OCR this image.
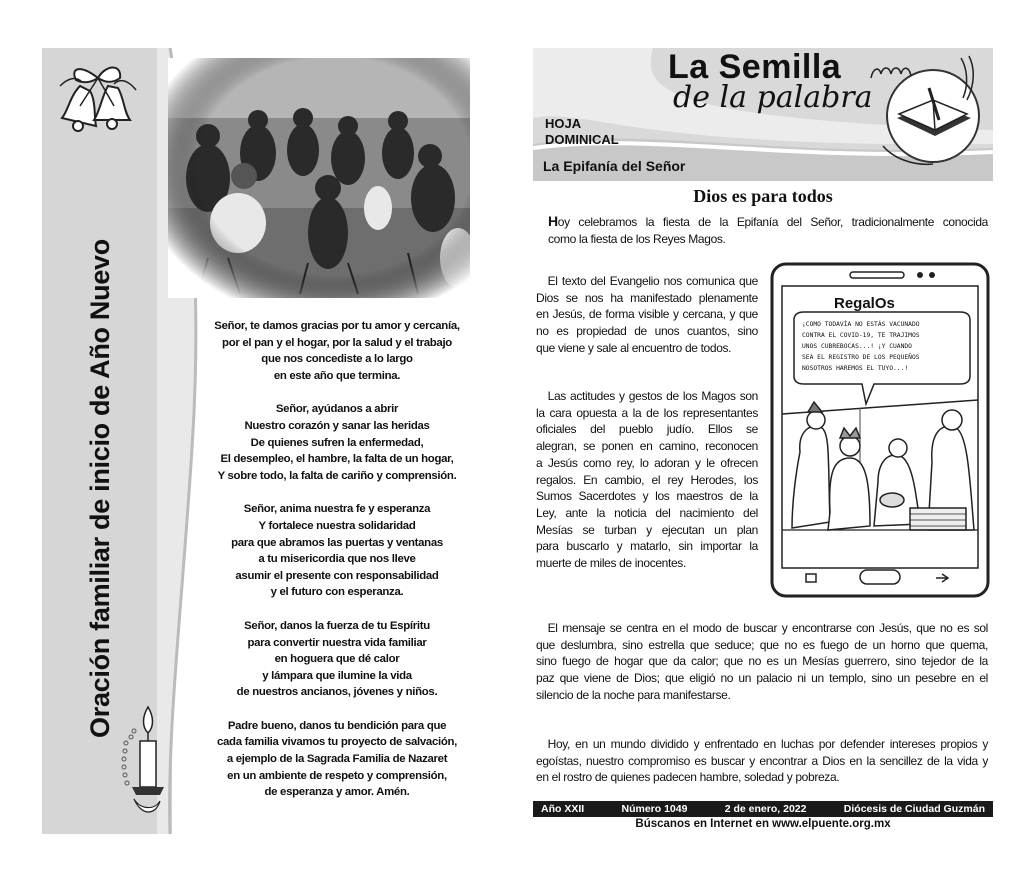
Oración familiar de inicio de Año Nuevo	Señor, te damos gracias por tu amor y cercanía,
por el pan y el hogar, por la salud y el trabajo
que nos concediste a lo largo
en este año que termina.
Señor, ayúdanos a abrir
Nuestro corazón y sanar las heridas
De quienes sufren la enfermedad,
El desempleo, el hambre, la falta de un hogar,
Y sobre todo, la falta de cariño y comprensión.
Señor, anima nuestra fe y esperanza
Y fortalece nuestra solidaridad
para que abramos las puertas y ventanas
a tu misericordia que nos lleve
asumir el presente con responsabilidad
y el futuro con esperanza.
Señor, danos la fuerza de tu Espíritu
para convertir nuestra vida familiar
en hoguera que dé calor
y lámpara que ilumine la vida
de nuestros ancianos, jóvenes y niños.
Padre bueno, danos tu bendición para que
cada familia vivamos tu proyecto de salvación,
a ejemplo de la Sagrada Familia de Nazaret
en un ambiente de respeto y comprensión,
de esperanza y amor. Amén.
La Semilla
de la palabra
HOJA
DOMINICAL
La Epifanía del Señor
Dios es para todos
Hoy celebramos la fiesta de la Epifanía del Señor, tradicionalmente conocida
como la fiesta de los Reyes Magos.
 El texto del Evangelio nos comunica que
Dios se nos ha manifestado plenamente
en Jesús, de forma visible y cercana, y que
no es propiedad de unos cuantos, sino
que viene y sale al encuentro de todos.
 Las actitudes y gestos de los Magos son
la cara opuesta a la de los representantes
oficiales del pueblo judío. Ellos se
alegran, se ponen en camino, reconocen
a Jesús como rey, lo adoran y le ofrecen
regalos. En cambio, el rey Herodes, los
Sumos Sacerdotes y los maestros de la
Ley, ante la noticia del nacimiento del
Mesías se turban y ejecutan un plan
para buscarlo y matarlo, sin importar la
muerte de miles de inocentes.
RegalOs
¡COMO TODAVÍA NO ESTÁS VACUNADO
CONTRA EL COVID-19, TE TRAJIMOS
UNOS CUBREBOCAS...! ¡Y CUANDO
SEA EL REGISTRO DE LOS PEQUEÑOS
NOSOTROS HAREMOS EL TUYO...!
 El mensaje se centra en el modo de buscar y encontrarse con Jesús, que no es sol
que deslumbra, sino estrella que seduce; que no es fuego de un horno que quema,
sino fuego de hogar que da calor; que no es un Mesías guerrero, sino tejedor de la
paz que viene de Dios; que eligió no un palacio ni un templo, sino un pesebre en el
silencio de la noche para manifestarse.
 Hoy, en un mundo dividido y enfrentado en luchas por defender intereses propios y
egoístas, nuestro compromiso es buscar y encontrar a Dios en la sencillez de la vida y
en el rostro de quienes padecen hambre, soledad y pobreza.
Año XXII	Número 1049	2 de enero, 2022	Diócesis de Ciudad Guzmán
Búscanos en Internet en www.elpuente.org.mx
